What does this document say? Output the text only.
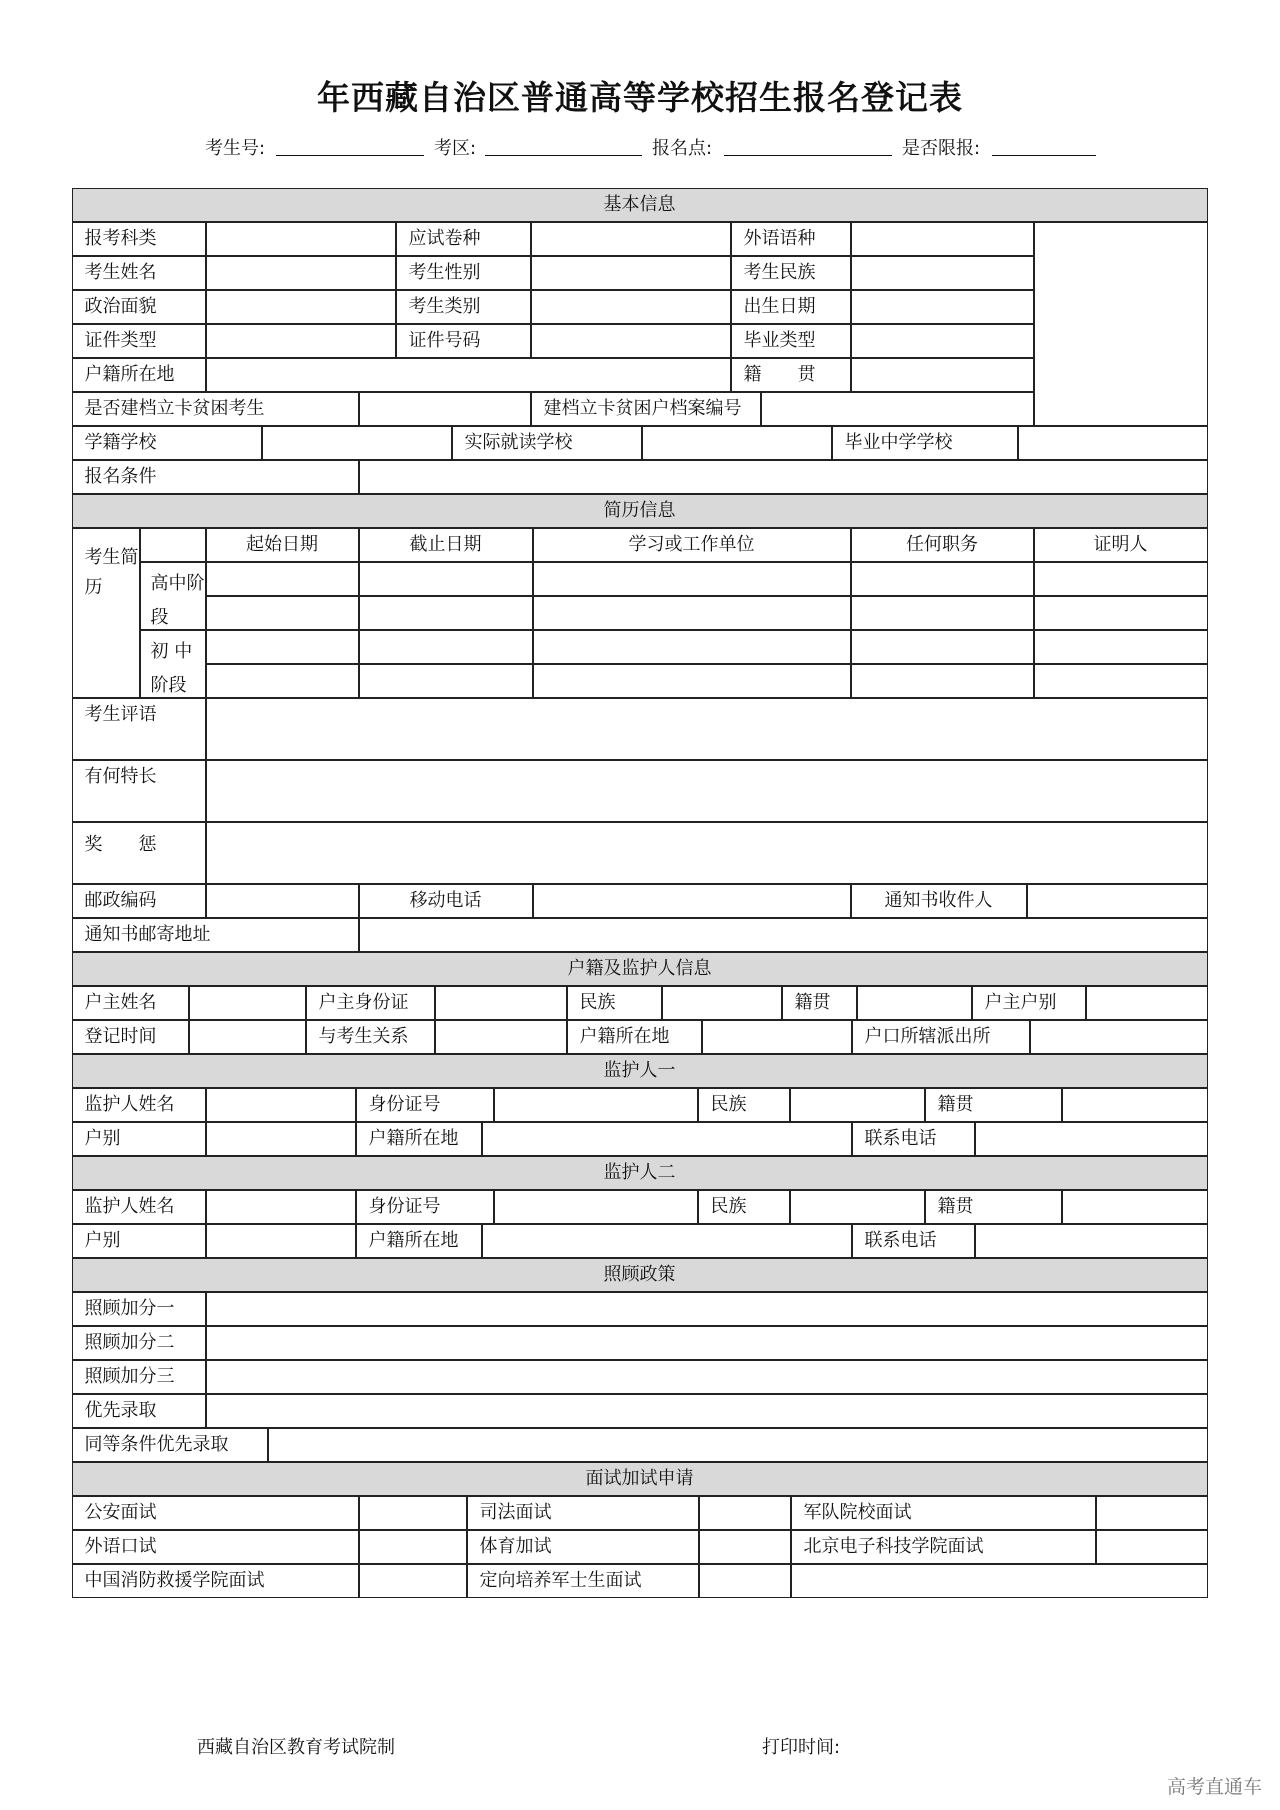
年西藏自治区普通高等学校招生报名登记表
考生号:	考区:	报名点:	是否限报:
基本信息
报考科类	应试卷种	外语语种
考生姓名	考生性别	考生民族
政治面貌	考生类别	出生日期
证件类型	证件号码	毕业类型
户籍所在地	籍　　贯
是否建档立卡贫困考生	建档立卡贫困户档案编号
学籍学校	实际就读学校	毕业中学学校
报名条件
简历信息
考生简历
起始日期	截止日期	学习或工作单位	任何职务	证明人
高中阶段
初 中阶段
考生评语
有何特长
奖　　惩
邮政编码	移动电话	通知书收件人
通知书邮寄地址
户籍及监护人信息
户主姓名	户主身份证	民族	籍贯	户主户别
登记时间	与考生关系	户籍所在地	户口所辖派出所
监护人一
监护人姓名	身份证号	民族	籍贯
户别	户籍所在地	联系电话
监护人二
监护人姓名	身份证号	民族	籍贯
户别	户籍所在地	联系电话
照顾政策
照顾加分一
照顾加分二
照顾加分三
优先录取
同等条件优先录取
面试加试申请
公安面试	司法面试	军队院校面试
外语口试	体育加试	北京电子科技学院面试
中国消防救援学院面试	定向培养军士生面试
西藏自治区教育考试院制	打印时间:
高考直通车
